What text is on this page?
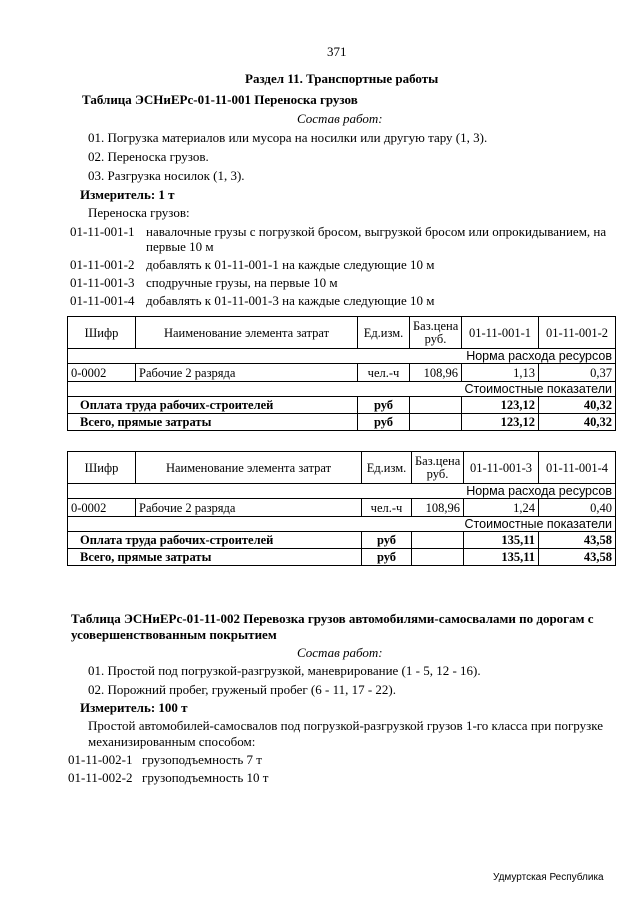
371
Раздел 11. Транспортные работы
Таблица ЭСНиЕРс-01-11-001 Переноска грузов
Состав работ:
01. Погрузка материалов или мусора на носилки или другую тару (1, 3).
02. Переноска грузов.
03. Разгрузка носилок (1, 3).
Измеритель: 1 т
Переноска грузов:
01-11-001-1 навалочные грузы с погрузкой бросом, выгрузкой бросом или опрокидыванием, на
первые 10 м
01-11-001-2 добавлять к 01-11-001-1 на каждые следующие 10 м
01-11-001-3 сподручные грузы, на первые 10 м
01-11-001-4 добавлять к 01-11-001-3 на каждые следующие 10 м
Шифр	Наименование элемента затрат	Ед.изм.	Баз.цена руб.	01-11-001-1	01-11-001-2
Норма расхода ресурсов					
0-0002	Рабочие 2 разряда	чел.-ч	108,96	1,13	0,37
Стоимостные показатели					
Оплата труда рабочих-строителей		руб		123,12	40,32
Всего, прямые затраты		руб		123,12	40,32
Шифр	Наименование элемента затрат	Ед.изм.	Баз.цена руб.	01-11-001-3	01-11-001-4
Норма расхода ресурсов					
0-0002	Рабочие 2 разряда	чел.-ч	108,96	1,24	0,40
Стоимостные показатели					
Оплата труда рабочих-строителей		руб		135,11	43,58
Всего, прямые затраты		руб		135,11	43,58
Таблица ЭСНиЕРс-01-11-002 Перевозка грузов автомобилями-самосвалами по дорогам с
усовершенствованным покрытием
Состав работ:
01. Простой под погрузкой-разгрузкой, маневрирование (1 - 5, 12 - 16).
02. Порожний пробег, груженый пробег (6 - 11, 17 - 22).
Измеритель: 100 т
Простой автомобилей-самосвалов под погрузкой-разгрузкой грузов 1-го класса при погрузке
механизированным способом:
01-11-002-1 грузоподъемность 7 т
01-11-002-2 грузоподъемность 10 т
Удмуртская Республика
